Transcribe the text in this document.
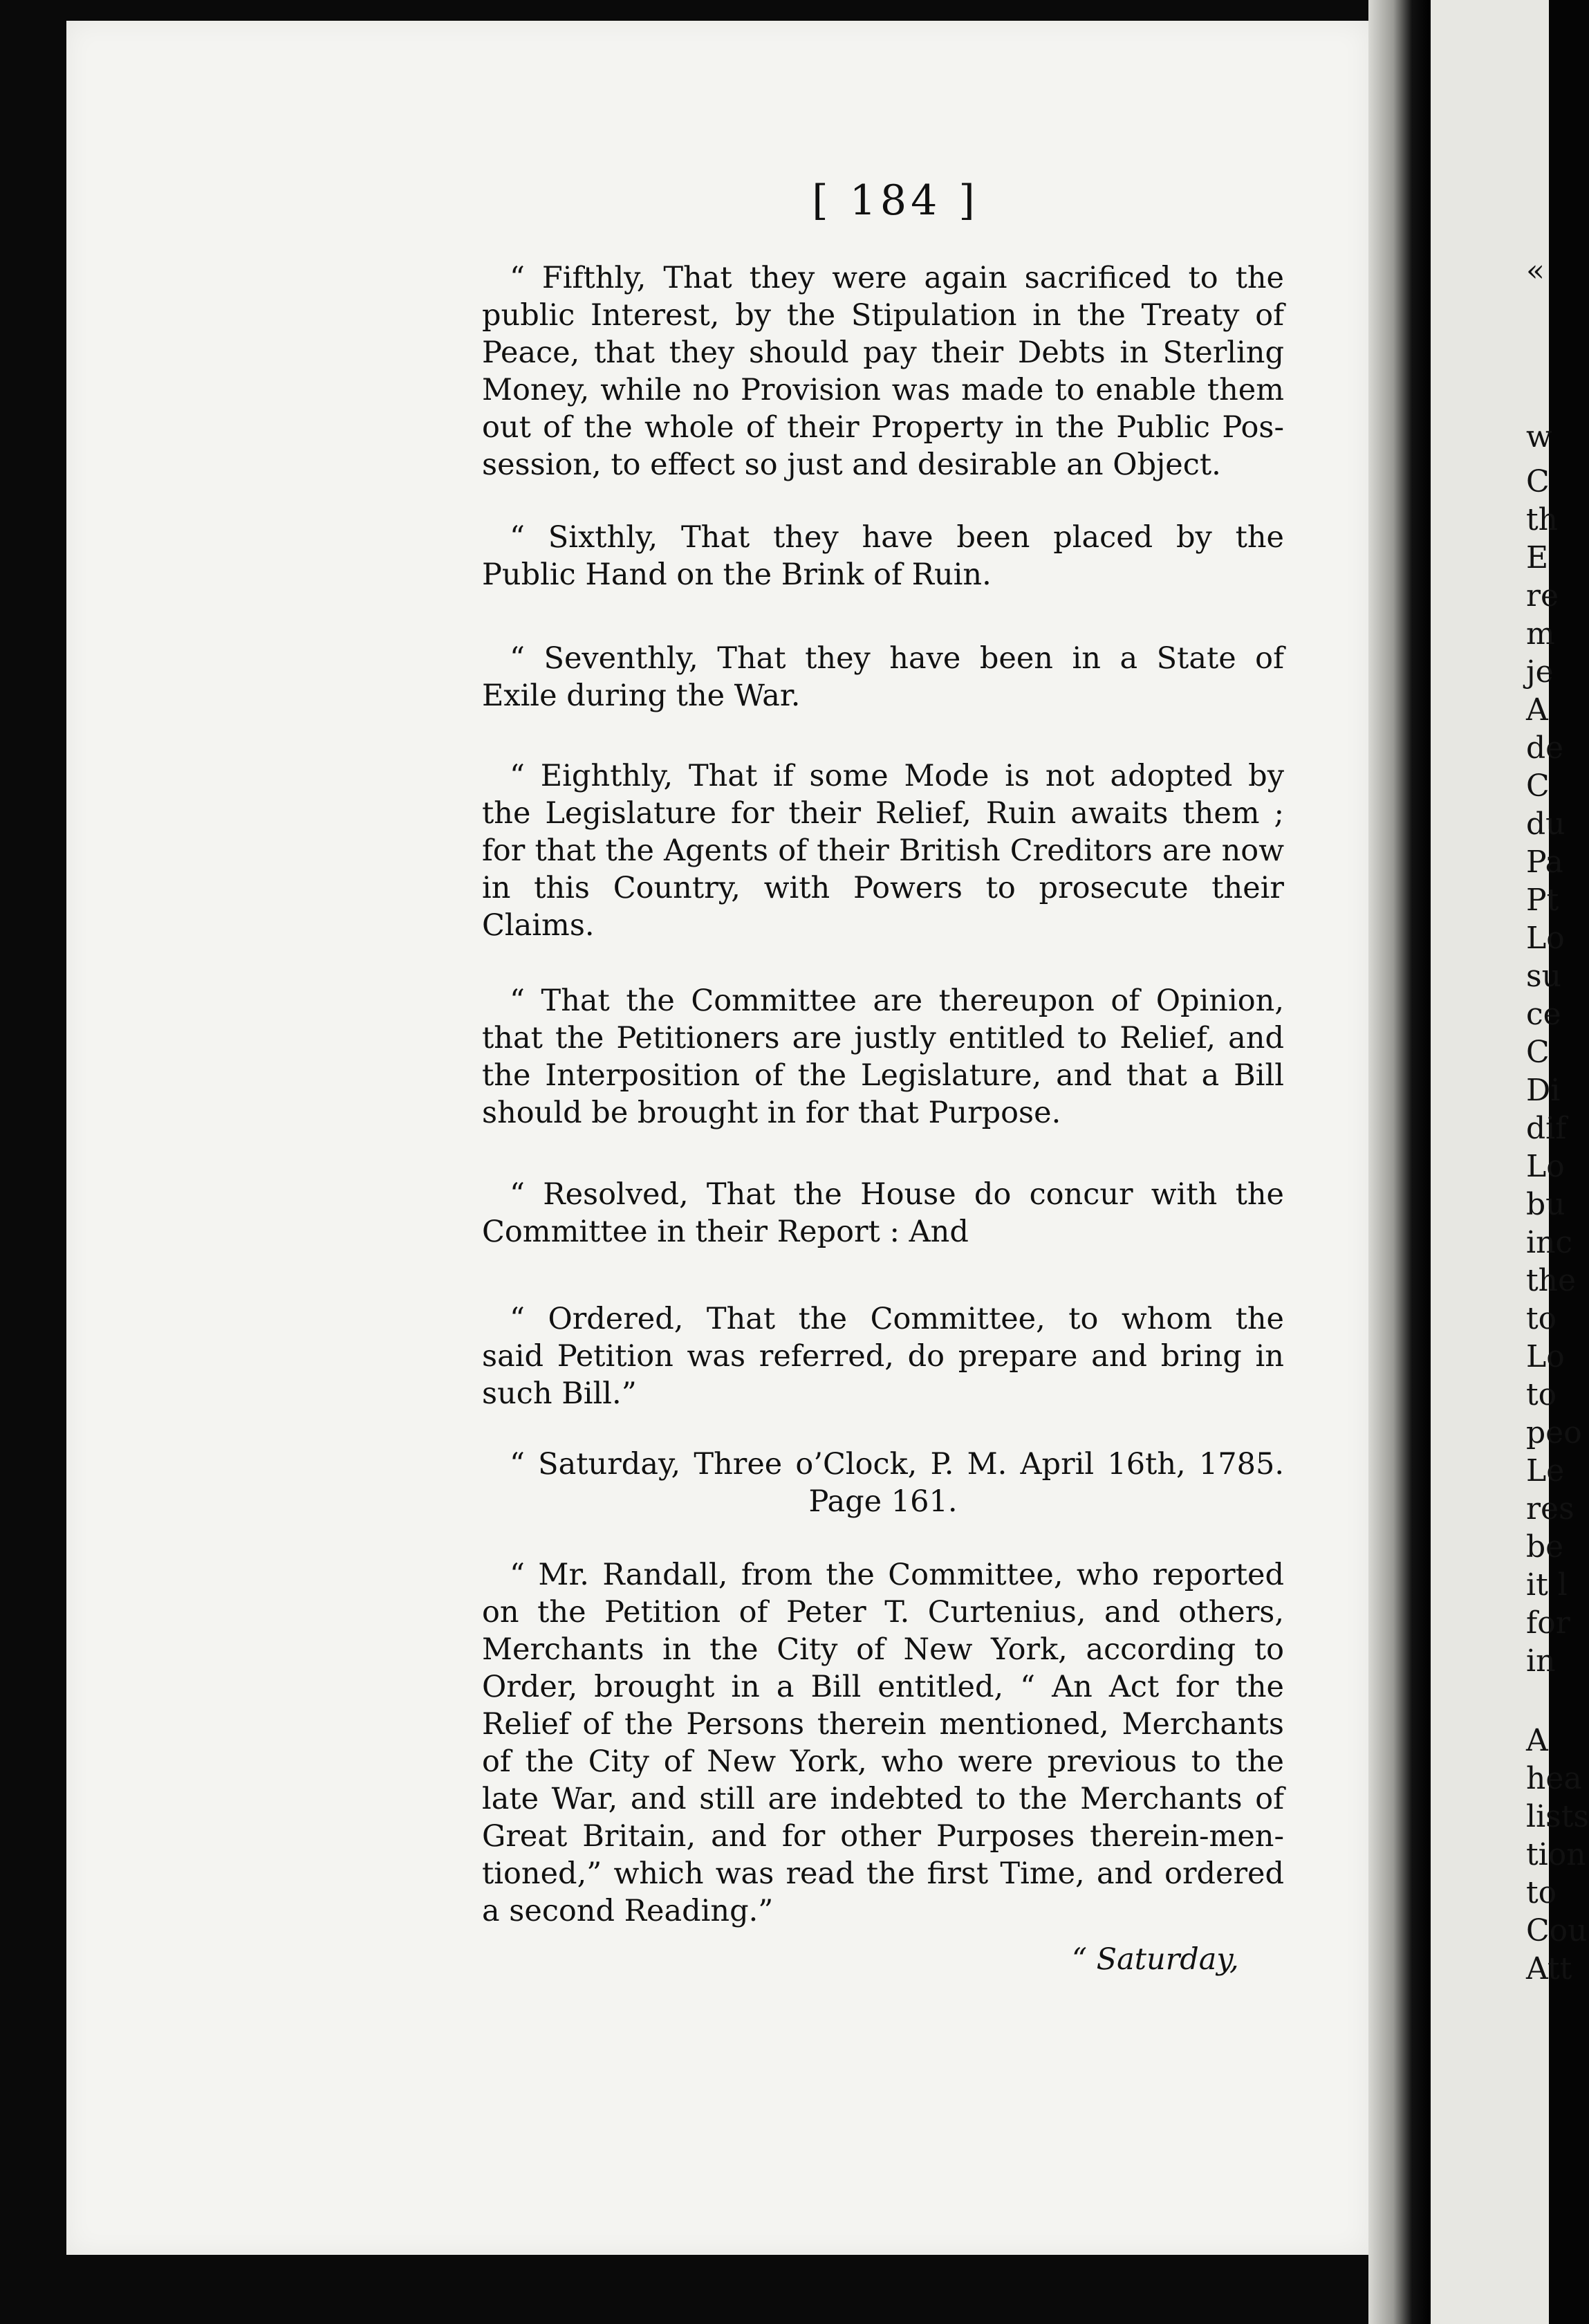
«
w
C
th
E
re
m
je
A
de
C
du
Pa
Pt
Lo
su
ce
C
Di
dif
Lo
bu
inc
the
to
Lo
to
peo
Le
res
be
it l
for
in
A
hea
lists
tion
to
Cou
Att
[ 184 ]
“ Fifthly, That they were again sacrificed to the
public Interest, by the Stipulation in the Treaty of
Peace, that they should pay their Debts in Sterling
Money, while no Provision was made to enable them
out of the whole of their Property in the Public Pos-
session, to effect so just and desirable an Object.
“ Sixthly, That they have been placed by the
Public Hand on the Brink of Ruin.
“ Seventhly, That they have been in a State of
Exile during the War.
“ Eighthly, That if some Mode is not adopted by
the Legislature for their Relief, Ruin awaits them ;
for that the Agents of their British Creditors are now
in this Country, with Powers to prosecute their
Claims.
“ That the Committee are thereupon of Opinion,
that the Petitioners are justly entitled to Relief, and
the Interposition of the Legislature, and that a Bill
should be brought in for that Purpose.
“ Resolved, That the House do concur with the
Committee in their Report : And
“ Ordered, That the Committee, to whom the
said Petition was referred, do prepare and bring in
such Bill.”
“ Saturday, Three o’Clock, P. M. April 16th, 1785.
Page 161.
“ Mr. Randall, from the Committee, who reported
on the Petition of Peter T. Curtenius, and others,
Merchants in the City of New York, according to
Order, brought in a Bill entitled, “ An Act for the
Relief of the Persons therein mentioned, Merchants
of the City of New York, who were previous to the
late War, and still are indebted to the Merchants of
Great Britain, and for other Purposes therein-men-
tioned,” which was read the first Time, and ordered
a second Reading.”
“ Saturday,
